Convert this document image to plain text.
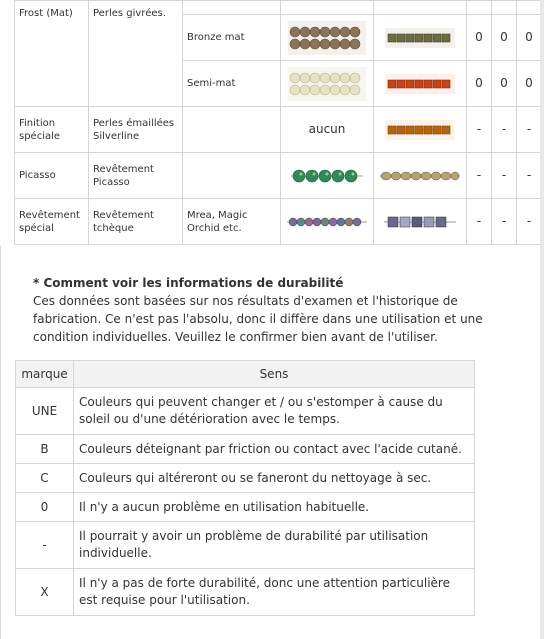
Frost (Mat)	Perles givrées.						
		Bronze mat			0	0	0
		Semi-mat			0	0	0
Finition spéciale	Perles émaillées Silverline		aucun		-	-	-
Picasso	Revêtement Picasso				-	-	-
Revêtement spécial	Revêtement tchèque	Mrea, Magic Orchid etc.			-	-	-
* Comment voir les informations de durabilité
Ces données sont basées sur nos résultats d'examen et l'historique de fabrication. Ce n'est pas l'absolu, donc il diffère dans une utilisation et une condition individuelles. Veuillez le confirmer bien avant de l'utiliser.
marque	Sens
UNE	Couleurs qui peuvent changer et / ou s'estomper à cause du soleil ou d'une détérioration avec le temps.
B	Couleurs déteignant par friction ou contact avec l'acide cutané.
C	Couleurs qui altéreront ou se faneront du nettoyage à sec.
0	Il n'y a aucun problème en utilisation habituelle.
-	Il pourrait y avoir un problème de durabilité par utilisation individuelle.
X	Il n'y a pas de forte durabilité, donc une attention particulière est requise pour l'utilisation.
